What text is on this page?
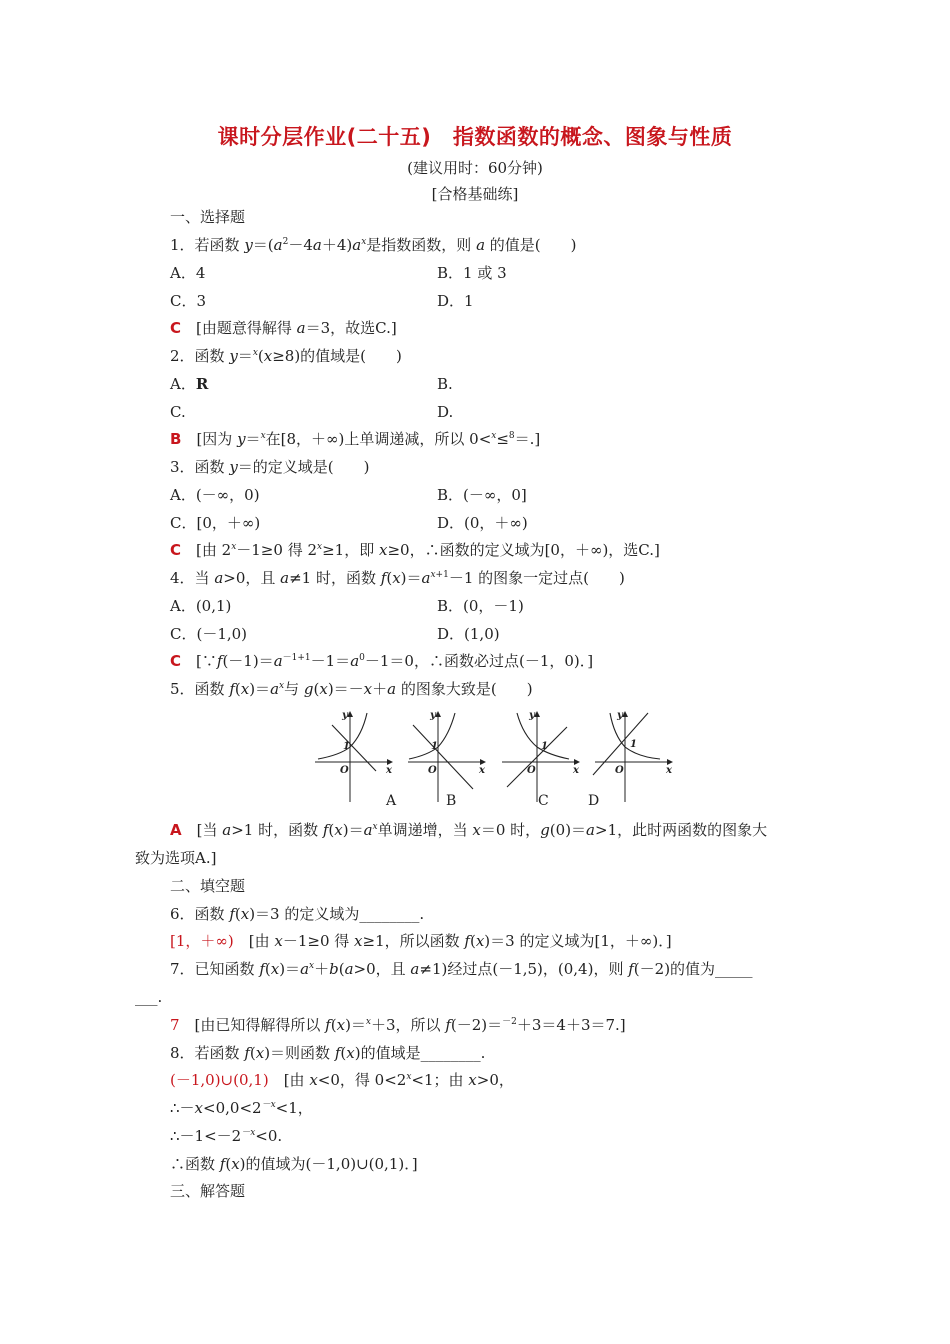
课时分层作业(二十五)　指数函数的概念、图象与性质
(建议用时：60分钟)
[合格基础练]
一、选择题
1．若函数 $y=(a^2-4a+4)a^x$是指数函数，则 a 的值是(　　)
A．4	B．1 或 3
C．3	D．1
C　[由题意得解得 a＝3，故选C.]
2．函数 y＝$^x$(x≥8)的值域是(　　)
A．R	B.
C.	D.
B　[因为 y＝$^x$在[8，＋∞)上单调递减，所以 0<$^x$≤$^8$＝.]
3．函数 y＝的定义域是(　　)
A．(－∞，0)	B．(－∞，0]
C．[0，＋∞)	D．(0，＋∞)
C　[由 $2^x-1\ge 0$ 得 $2^x\ge 1$，即 x≥0，∴函数的定义域为[0，＋∞)，选C.]
4．当 a>0，且 a≠1 时，函数 $f(x)=a^{x+1}-1$ 的图象一定过点(　　)
A．(0,1)	B．(0，－1)
C．(－1,0)	D．(1,0)
C　[$\because f(-1)=a^{-1+1}-1=a^0-1=0$，∴函数必过点(－1，0)．]
5．函数 $f(x)=a^x$与 g(x)＝－x＋a 的图象大致是(　　)
y
x
O
1
y
x
O
1
y
x
O
1
y
x
O
1
A	B	C	D
A　[当 a>1 时，函数 $f(x)=a^x$单调递增，当 x＝0 时，g(0)＝a>1，此时两函数的图象大
致为选项A.]
二、填空题
6．函数 f(x)＝3 的定义域为________.
[1，＋∞)　[由 x－1≥0 得 x≥1，所以函数 f(x)＝3 的定义域为[1，＋∞)．]
7．已知函数 $f(x)=a^x+b(a>0$，且 a≠1)经过点(－1,5)，(0,4)，则 f(－2)的值为_____
___.
7　[由已知得解得所以 f(x)＝$^x$＋3，所以 f(－2)＝$^{-2}$＋3＝4＋3＝7.]
8．若函数 f(x)＝则函数 f(x)的值域是________.
(－1,0)∪(0,1)　[由 x<0，得 $0<2^x<1$；由 x>0，
$\therefore-x<0,0<2^{-x}<1$，
$\therefore-1<-2^{-x}<0$.
∴函数 f(x)的值域为(－1,0)∪(0,1)．]
三、解答题
